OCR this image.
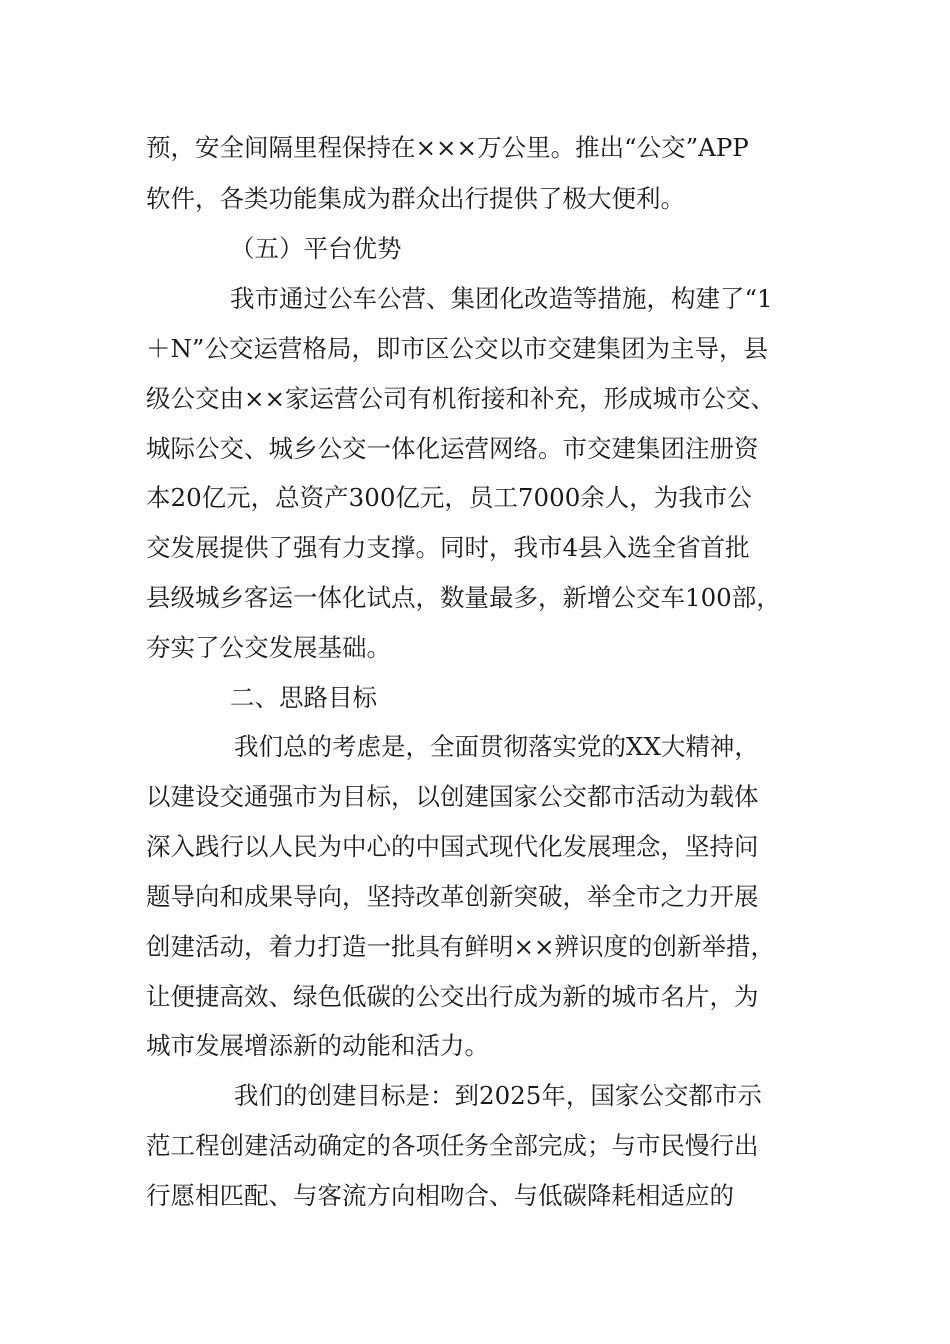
预，安全间隔里程保持在×××万公里。推出“公交”APP
软件，各类功能集成为群众出行提供了极大便利。
（五）平台优势
我市通过公车公营、集团化改造等措施，构建了“1
＋N”公交运营格局，即市区公交以市交建集团为主导，县
级公交由××家运营公司有机衔接和补充，形成城市公交、
城际公交、城乡公交一体化运营网络。市交建集团注册资
本20亿元，总资产300亿元，员工7000余人，为我市公
交发展提供了强有力支撑。同时，我市4县入选全省首批
县级城乡客运一体化试点，数量最多，新增公交车100部，
夯实了公交发展基础。
二、思路目标
我们总的考虑是，全面贯彻落实党的XX大精神，
以建设交通强市为目标，以创建国家公交都市活动为载体
深入践行以人民为中心的中国式现代化发展理念，坚持问
题导向和成果导向，坚持改革创新突破，举全市之力开展
创建活动，着力打造一批具有鲜明××辨识度的创新举措，
让便捷高效、绿色低碳的公交出行成为新的城市名片，为
城市发展增添新的动能和活力。
我们的创建目标是：到2025年，国家公交都市示
范工程创建活动确定的各项任务全部完成；与市民慢行出
行愿相匹配、与客流方向相吻合、与低碳降耗相适应的
